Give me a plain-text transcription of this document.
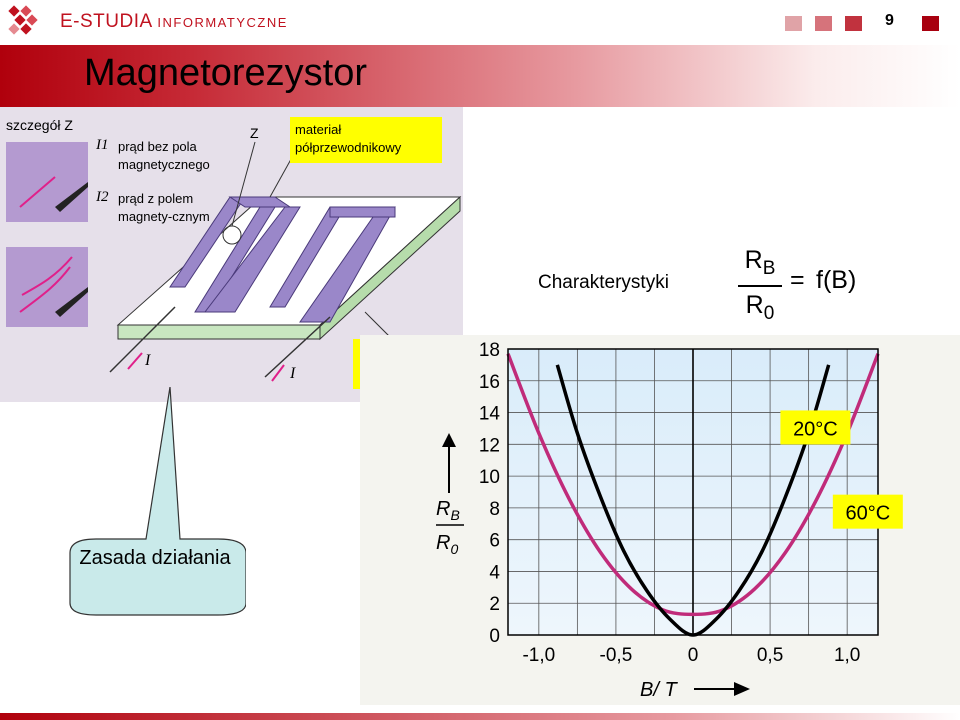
E-STUDIA INFORMATYCZNE	9
Magnetorezystor
szczegół Z	Z
I1 prąd bez pola magnetycznego
I2 prąd z polem magnety-cznym
materiał półprzewodnikowy
I
I
Zasada działania
Charakterystyki
$R_B$
$R_0$
= f(B)
0
2
4
6
8
10
12
14
16
18
-1,0 -0,5	0	0,5	1,0
20°C
60°C
$R_B$
$R_0$
B/ T
